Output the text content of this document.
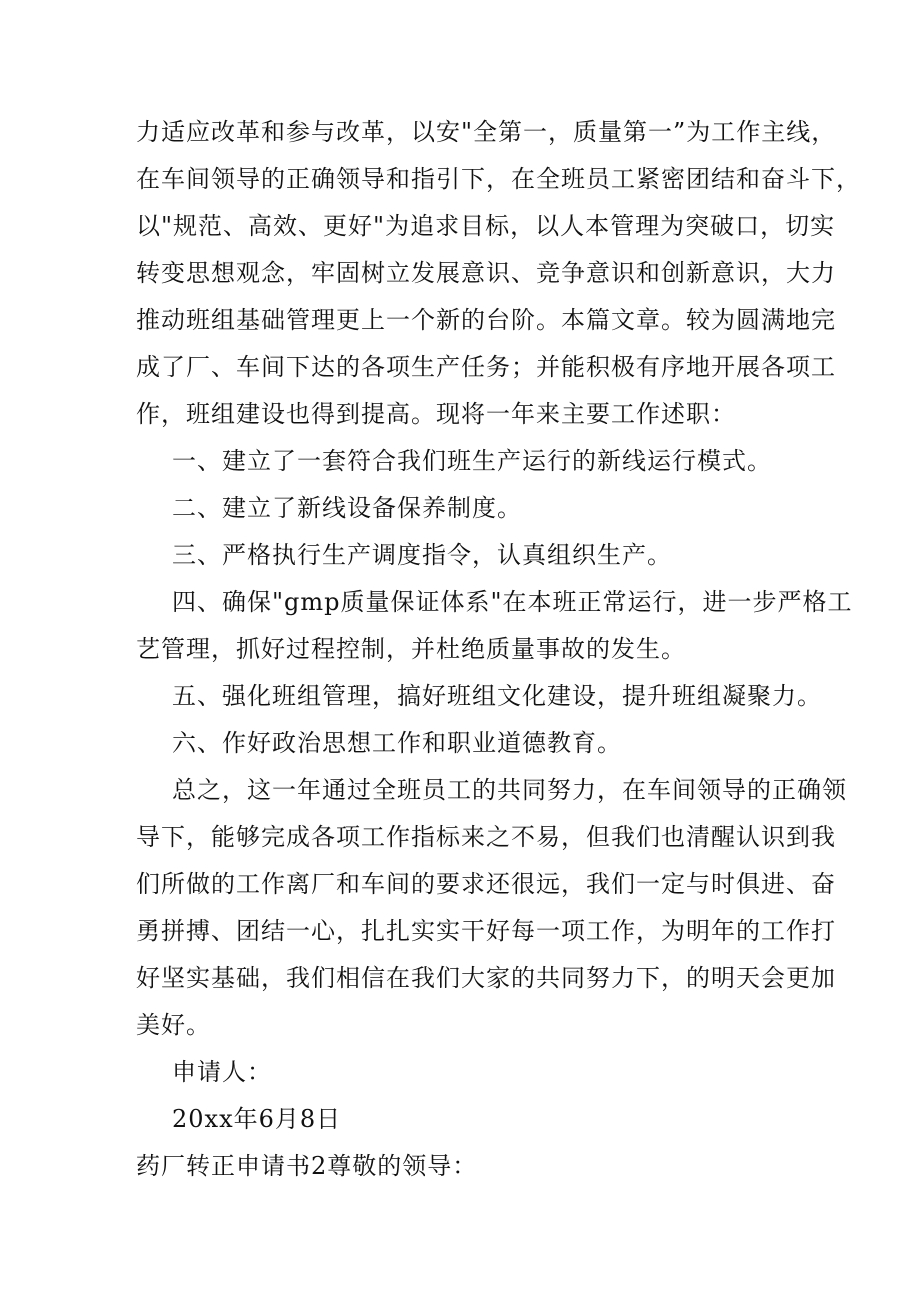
力适应改革和参与改革，以安"全第一，质量第一”为工作主线，
在车间领导的正确领导和指引下，在全班员工紧密团结和奋斗下，
以"规范、高效、更好"为追求目标，以人本管理为突破口，切实
转变思想观念，牢固树立发展意识、竞争意识和创新意识，大力
推动班组基础管理更上一个新的台阶。本篇文章。较为圆满地完
成了厂、车间下达的各项生产任务；并能积极有序地开展各项工
作，班组建设也得到提高。现将一年来主要工作述职：
一、建立了一套符合我们班生产运行的新线运行模式。
二、建立了新线设备保养制度。
三、严格执行生产调度指令，认真组织生产。
四、确保"gmp质量保证体系"在本班正常运行，进一步严格工
艺管理，抓好过程控制，并杜绝质量事故的发生。
五、强化班组管理，搞好班组文化建设，提升班组凝聚力。
六、作好政治思想工作和职业道德教育。
总之，这一年通过全班员工的共同努力，在车间领导的正确领
导下，能够完成各项工作指标来之不易，但我们也清醒认识到我
们所做的工作离厂和车间的要求还很远，我们一定与时俱进、奋
勇拼搏、团结一心，扎扎实实干好每一项工作，为明年的工作打
好坚实基础，我们相信在我们大家的共同努力下，的明天会更加
美好。
申请人：
20xx年6月8日
药厂转正申请书2尊敬的领导：
